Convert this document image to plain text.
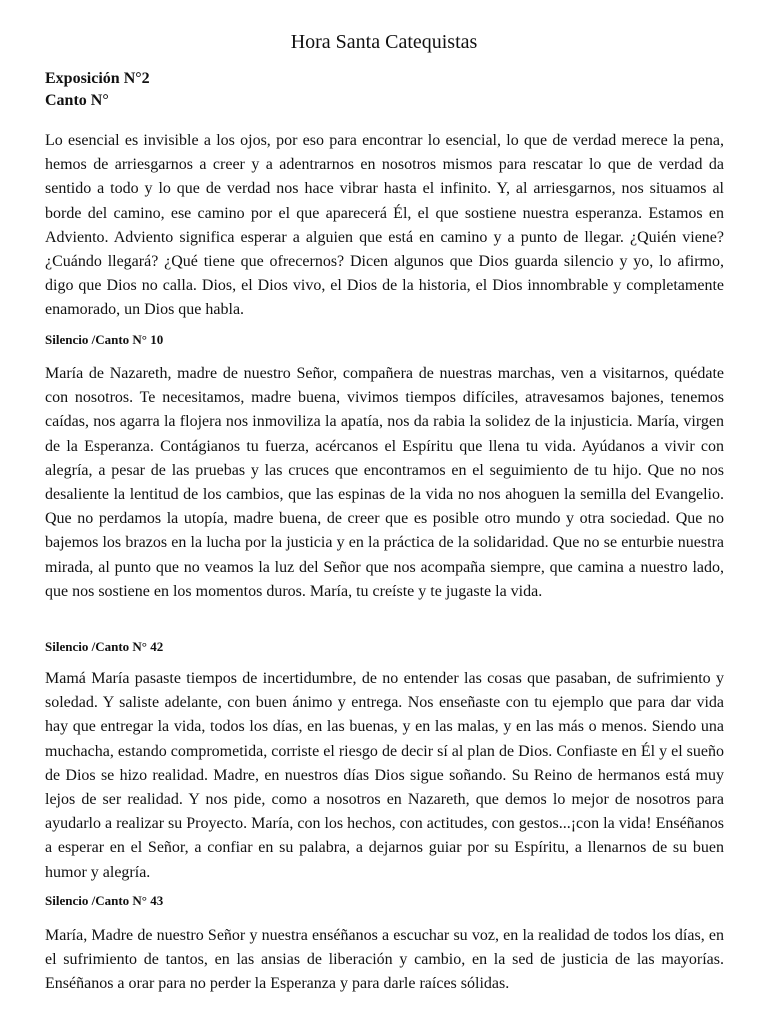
Hora Santa Catequistas
Exposición N°2
Canto N°

Lo esencial es invisible a los ojos, por eso para encontrar lo esencial, lo que de verdad merece la pena, hemos de arriesgarnos a creer y a adentrarnos en nosotros mismos para rescatar lo que de verdad da sentido a todo y lo que de verdad nos hace vibrar hasta el infinito. Y, al arriesgarnos, nos situamos al borde del camino, ese camino por el que aparecerá Él, el que sostiene nuestra esperanza. Estamos en Adviento. Adviento significa esperar a alguien que está en camino y a punto de llegar. ¿Quién viene? ¿Cuándo llegará? ¿Qué tiene que ofrecernos? Dicen algunos que Dios guarda silencio y yo, lo afirmo, digo que Dios no calla. Dios, el Dios vivo, el Dios de la historia, el Dios innombrable y completamente enamorado, un Dios que habla.

Silencio /Canto N° 10

María de Nazareth, madre de nuestro Señor, compañera de nuestras marchas, ven a visitarnos, quédate con nosotros. Te necesitamos, madre buena, vivimos tiempos difíciles, atravesamos bajones, tenemos caídas, nos agarra la flojera nos inmoviliza la apatía, nos da rabia la solidez de la injusticia. María, virgen de la Esperanza. Contágianos tu fuerza, acércanos el Espíritu que llena tu vida. Ayúdanos a vivir con alegría, a pesar de las pruebas y las cruces que encontramos en el seguimiento de tu hijo. Que no nos desaliente la lentitud de los cambios, que las espinas de la vida no nos ahoguen la semilla del Evangelio. Que no perdamos la utopía, madre buena, de creer que es posible otro mundo y otra sociedad. Que no bajemos los brazos en la lucha por la justicia y en la práctica de la solidaridad. Que no se enturbie nuestra mirada, al punto que no veamos la luz del Señor que nos acompaña siempre, que camina a nuestro lado, que nos sostiene en los momentos duros. María, tu creíste y te jugaste la vida.

Silencio /Canto N° 42

Mamá María pasaste tiempos de incertidumbre, de no entender las cosas que pasaban, de sufrimiento y soledad. Y saliste adelante, con buen ánimo y entrega. Nos enseñaste con tu ejemplo que para dar vida hay que entregar la vida, todos los días, en las buenas, y en las malas, y en las más o menos. Siendo una muchacha, estando comprometida, corriste el riesgo de decir sí al plan de Dios. Confiaste en Él y el sueño de Dios se hizo realidad. Madre, en nuestros días Dios sigue soñando. Su Reino de hermanos está muy lejos de ser realidad. Y nos pide, como a nosotros en Nazareth, que demos lo mejor de nosotros para ayudarlo a realizar su Proyecto. María, con los hechos, con actitudes, con gestos...¡con la vida! Enséñanos a esperar en el Señor, a confiar en su palabra, a dejarnos guiar por su Espíritu, a llenarnos de su buen humor y alegría.

Silencio /Canto N° 43

María, Madre de nuestro Señor y nuestra enséñanos a escuchar su voz, en la realidad de todos los días, en el sufrimiento de tantos, en las ansias de liberación y cambio, en la sed de justicia de las mayorías. Enséñanos a orar para no perder la Esperanza y para darle raíces sólidas.
